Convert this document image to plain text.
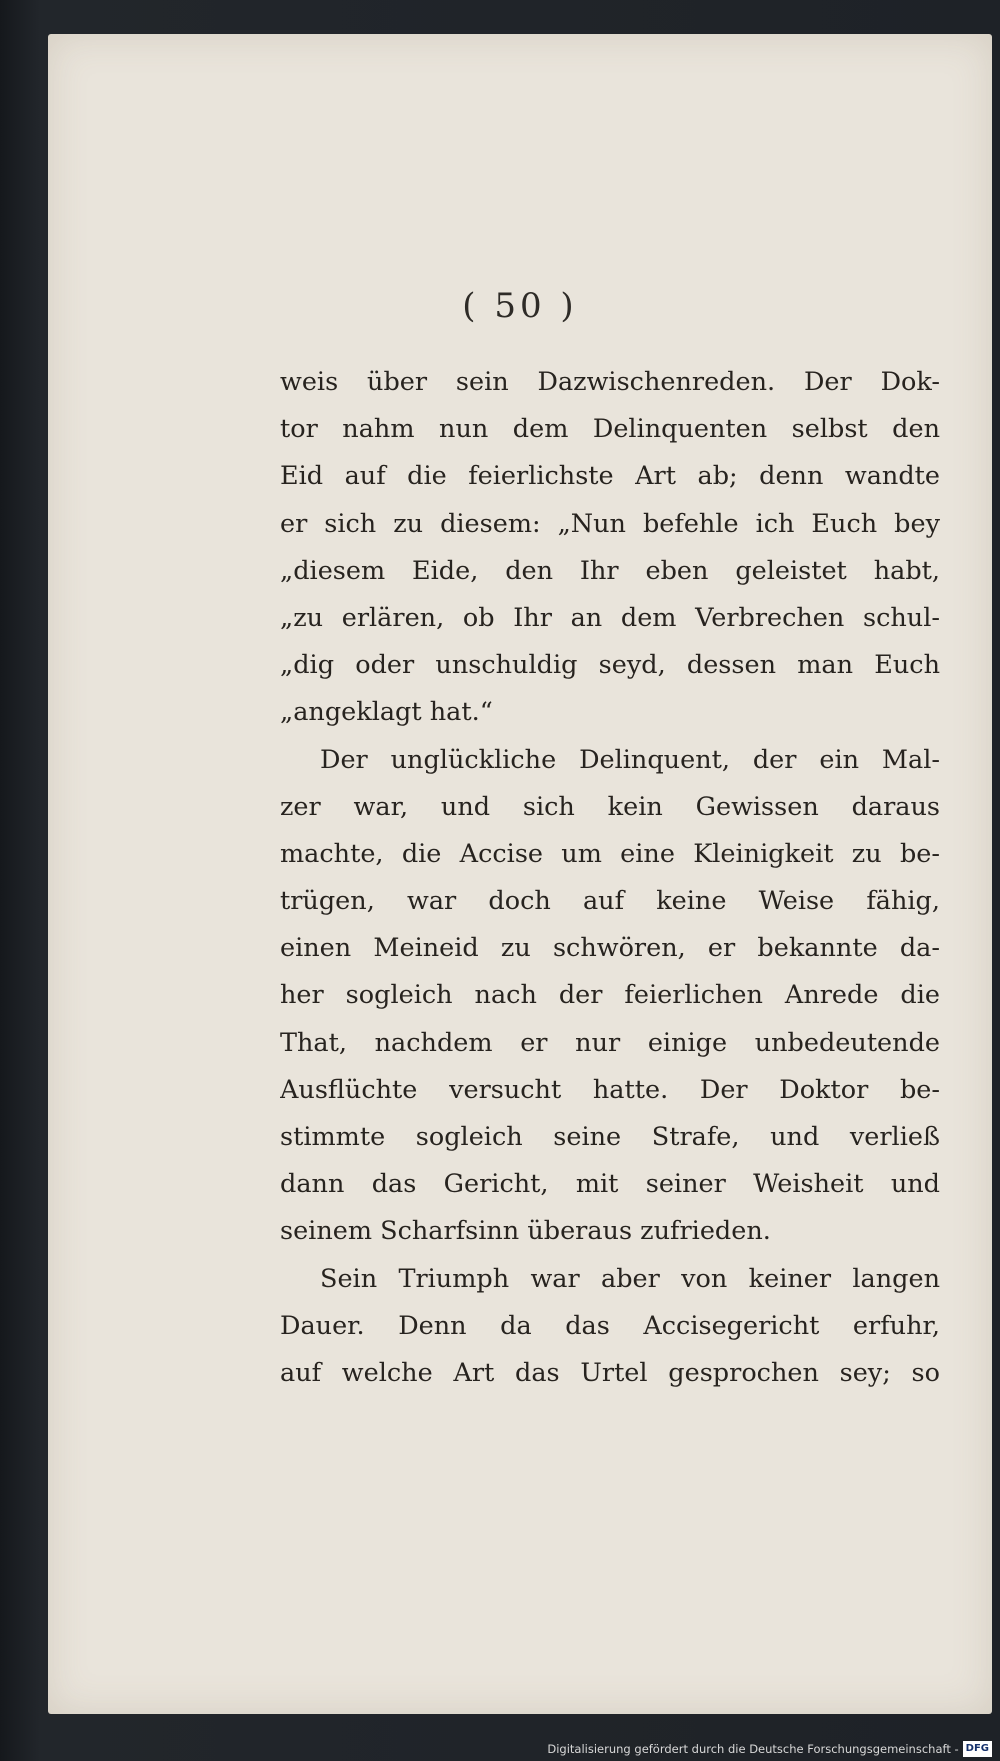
( 50 )
weis über sein Dazwischenreden. Der Dok-
tor nahm nun dem Delinquenten selbst den
Eid auf die feierlichste Art ab; denn wandte
er sich zu diesem: „Nun befehle ich Euch bey
„diesem Eide, den Ihr eben geleistet habt,
„zu erlären, ob Ihr an dem Verbrechen schul-
„dig oder unschuldig seyd, dessen man Euch
„angeklagt hat.“
Der unglückliche Delinquent, der ein Mal-
zer war, und sich kein Gewissen daraus
machte, die Accise um eine Kleinigkeit zu be-
trügen, war doch auf keine Weise fähig,
einen Meineid zu schwören, er bekannte da-
her sogleich nach der feierlichen Anrede die
That, nachdem er nur einige unbedeutende
Ausflüchte versucht hatte. Der Doktor be-
stimmte sogleich seine Strafe, und verließ
dann das Gericht, mit seiner Weisheit und
seinem Scharfsinn überaus zufrieden.
Sein Triumph war aber von keiner langen
Dauer. Denn da das Accisegericht erfuhr,
auf welche Art das Urtel gesprochen sey; so
Digitalisierung gefördert durch die Deutsche Forschungsgemeinschaft - DFG
